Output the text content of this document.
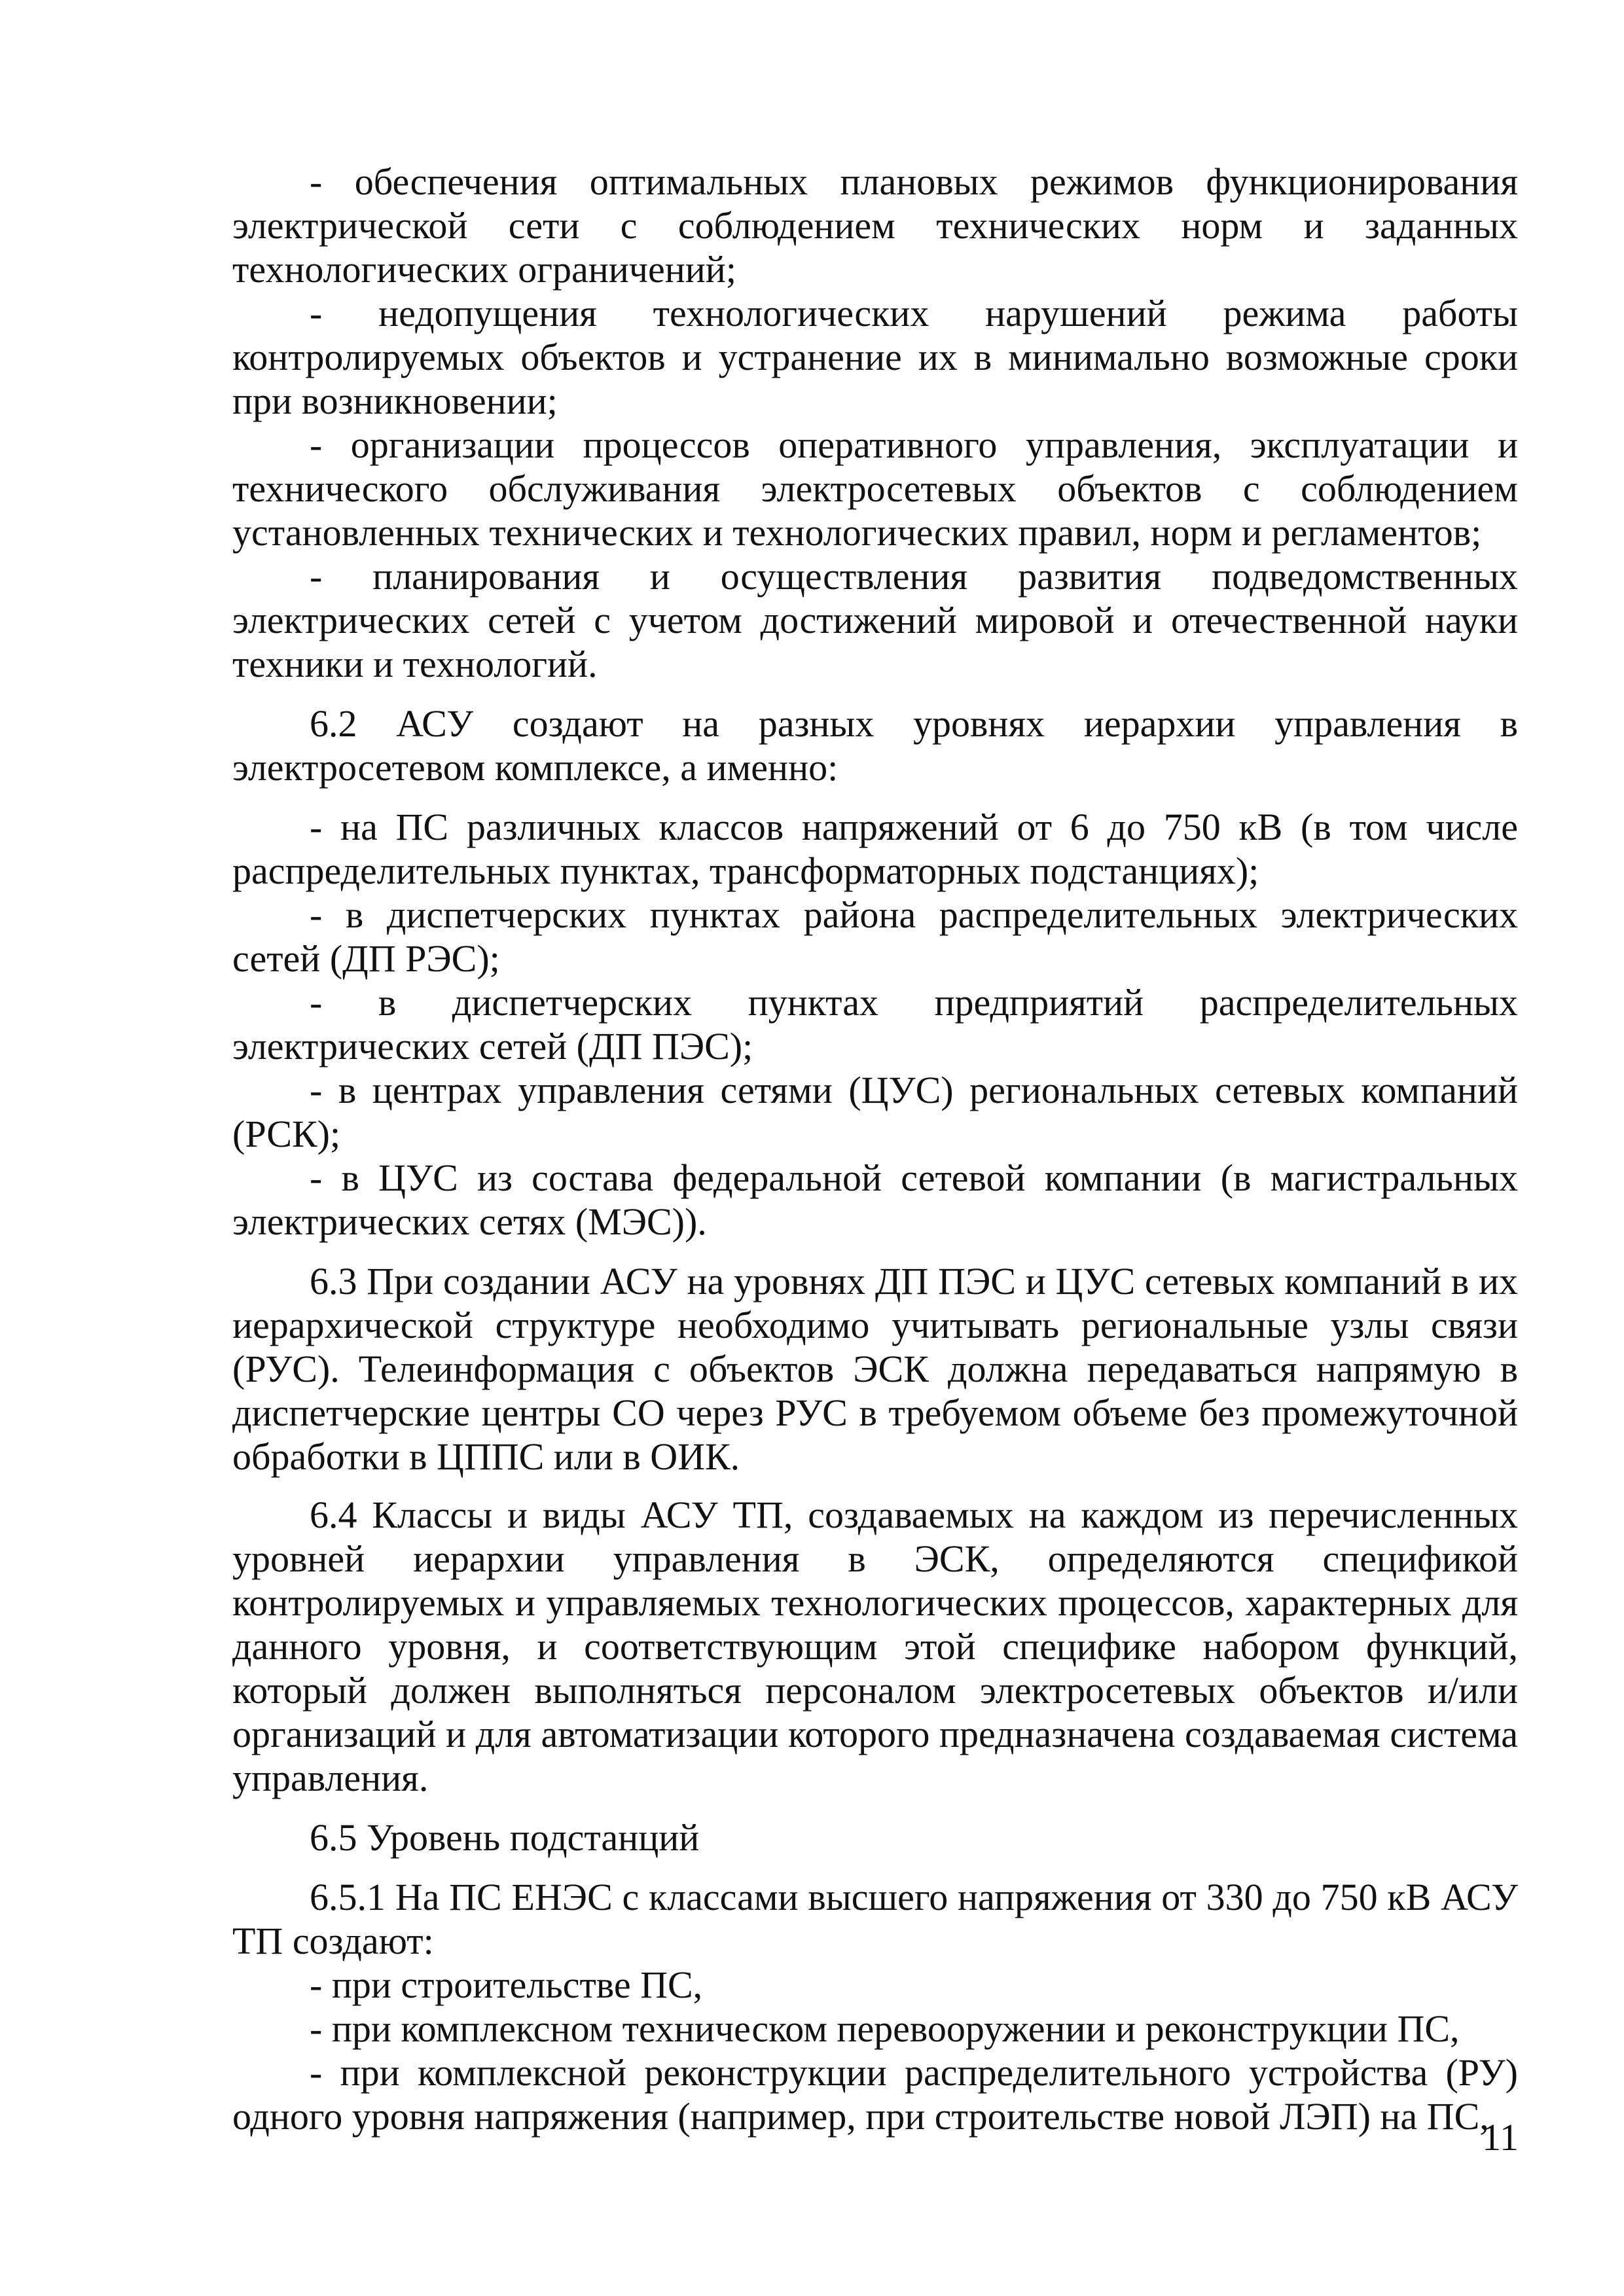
- обеспечения оптимальных плановых режимов функционирования электрической сети с соблюдением технических норм и заданных технологических ограничений;

- недопущения технологических нарушений режима работы контролируемых объектов и устранение их в минимально возможные сроки при возникновении;

- организации процессов оперативного управления, эксплуатации и технического обслуживания электросетевых объектов с соблюдением установленных технических и технологических правил, норм и регламентов;

- планирования и осуществления развития подведомственных электрических сетей с учетом достижений мировой и отечественной науки техники и технологий.

6.2 АСУ создают на разных уровнях иерархии управления в электросетевом комплексе, а именно:

- на ПС различных классов напряжений от 6 до 750 кВ (в том числе распределительных пунктах, трансформаторных подстанциях);

- в диспетчерских пунктах района распределительных электрических сетей (ДП РЭС);

- в диспетчерских пунктах предприятий распределительных электрических сетей (ДП ПЭС);

- в центрах управления сетями (ЦУС) региональных сетевых компаний (РСК);

- в ЦУС из состава федеральной сетевой компании (в магистральных электрических сетях (МЭС)).

6.3 При создании АСУ на уровнях ДП ПЭС и ЦУС сетевых компаний в их иерархической структуре необходимо учитывать региональные узлы связи (РУС). Телеинформация с объектов ЭСК должна передаваться напрямую в диспетчерские центры СО через РУС в требуемом объеме без промежуточной обработки в ЦППС или в ОИК.

6.4 Классы и виды АСУ ТП, создаваемых на каждом из перечисленных уровней иерархии управления в ЭСК, определяются спецификой контролируемых и управляемых технологических процессов, характерных для данного уровня, и соответствующим этой специфике набором функций, который должен выполняться персоналом электросетевых объектов и/или организаций и для автоматизации которого предназначена создаваемая система управления.

6.5 Уровень подстанций

6.5.1 На ПС ЕНЭС с классами высшего напряжения от 330 до 750 кВ АСУ ТП создают:

- при строительстве ПС,

- при комплексном техническом перевооружении и реконструкции ПС,

- при комплексной реконструкции распределительного устройства (РУ) одного уровня напряжения (например, при строительстве новой ЛЭП) на ПС,

11
